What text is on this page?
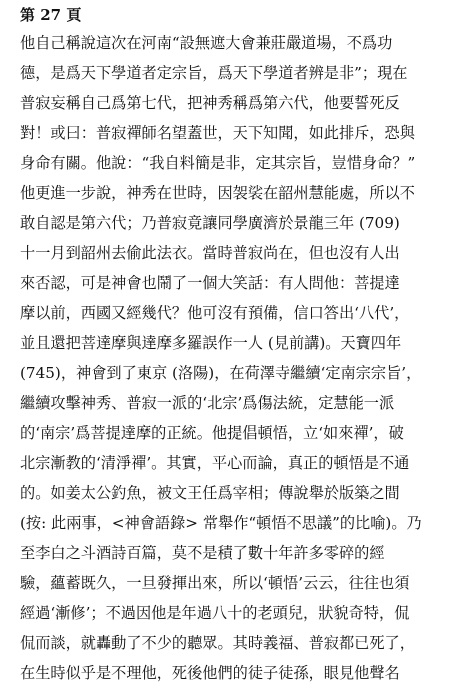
第 27 頁
他自己稱說這次在河南“設無遮大會兼莊嚴道場，不爲功
德，是爲天下學道者定宗旨，爲天下學道者辨是非”；現在
普寂妄稱自己爲第七代，把神秀稱爲第六代，他要誓死反
對！或曰：普寂禪師名望蓋世，天下知聞，如此排斥，恐與
身命有關。他說：“我自料簡是非，定其宗旨，豈惜身命？”
他更進一步說，神秀在世時，因袈裟在韶州慧能處，所以不
敢自認是第六代；乃普寂竟讓同學廣濟於景龍三年 (709)
十一月到韶州去偷此法衣。當時普寂尚在，但也沒有人出
來否認，可是神會也鬧了一個大笑話：有人問他：菩提達
摩以前，西國又經幾代？他可沒有預備，信口答出‘八代’，
並且還把菩達摩與達摩多羅誤作一人 (見前講)。天寶四年
(745)，神會到了東京 (洛陽)，在荷澤寺繼續‘定南宗宗旨’，
繼續攻擊神秀、普寂一派的‘北宗’爲傷法統，定慧能一派
的‘南宗’爲菩提達摩的正統。他提倡頓悟，立‘如來禪’，破
北宗漸教的‘清淨禪’。其實，平心而論，真正的頓悟是不通
的。如姜太公釣魚，被文王任爲宰相；傳說舉於版築之間
(按: 此兩事，<神會語錄> 常舉作“頓悟不思議”的比喻)。乃
至李白之斗酒詩百篇，莫不是積了數十年許多零碎的經
驗，蘊蓄既久，一旦發揮出來，所以‘頓悟’云云，往往也須
經過‘漸修’；不過因他是年過八十的老頭兒，狀貌奇特，侃
侃而談，就轟動了不少的聽眾。其時義福、普寂都已死了，
在生時似乎是不理他，死後他們的徒子徒孫，眼見他聲名
